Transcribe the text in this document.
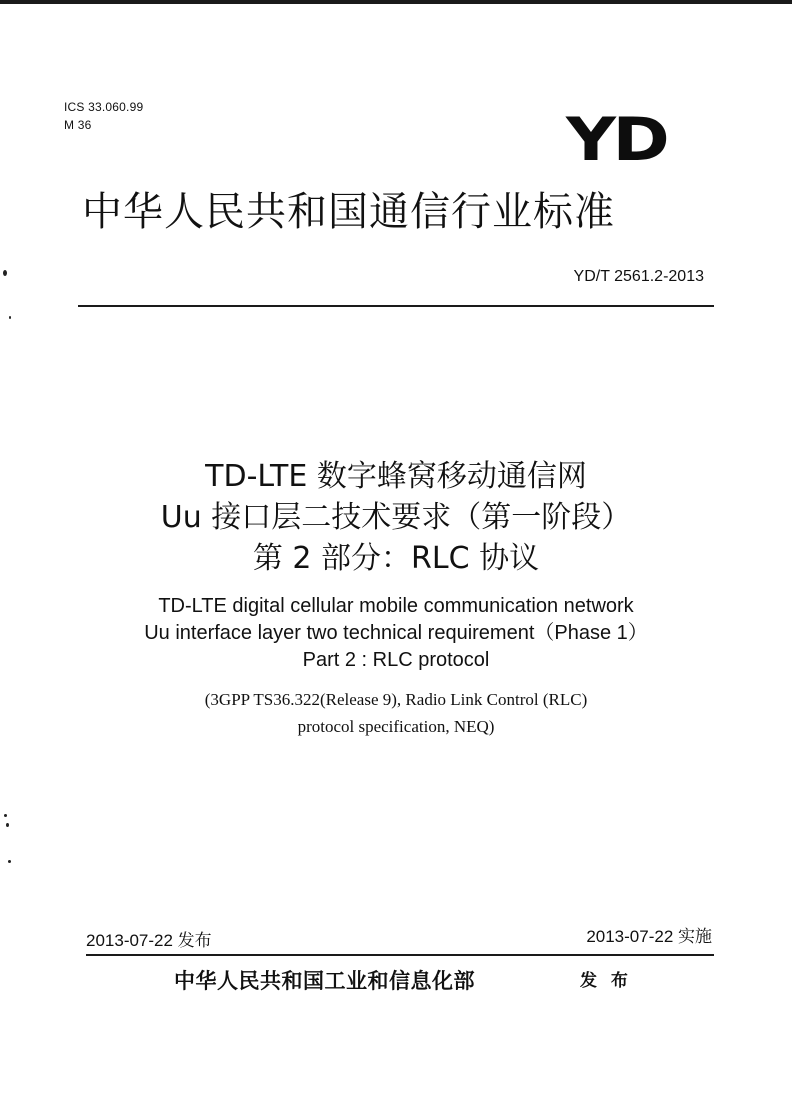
ICS 33.060.99
M 36	YD
中华人民共和国通信行业标准
YD/T 2561.2-2013

TD-LTE 数字蜂窝移动通信网

Uu 接口层二技术要求（第一阶段）

第 2 部分：RLC 协议

TD-LTE digital cellular mobile communication network

Uu interface layer two technical requirement（Phase 1）

Part 2 : RLC protocol

(3GPP TS36.322(Release 9), Radio Link Control (RLC)

protocol specification, NEQ)

2013-07-22 发布	2013-07-22 实施
中华人民共和国工业和信息化部	发 布
